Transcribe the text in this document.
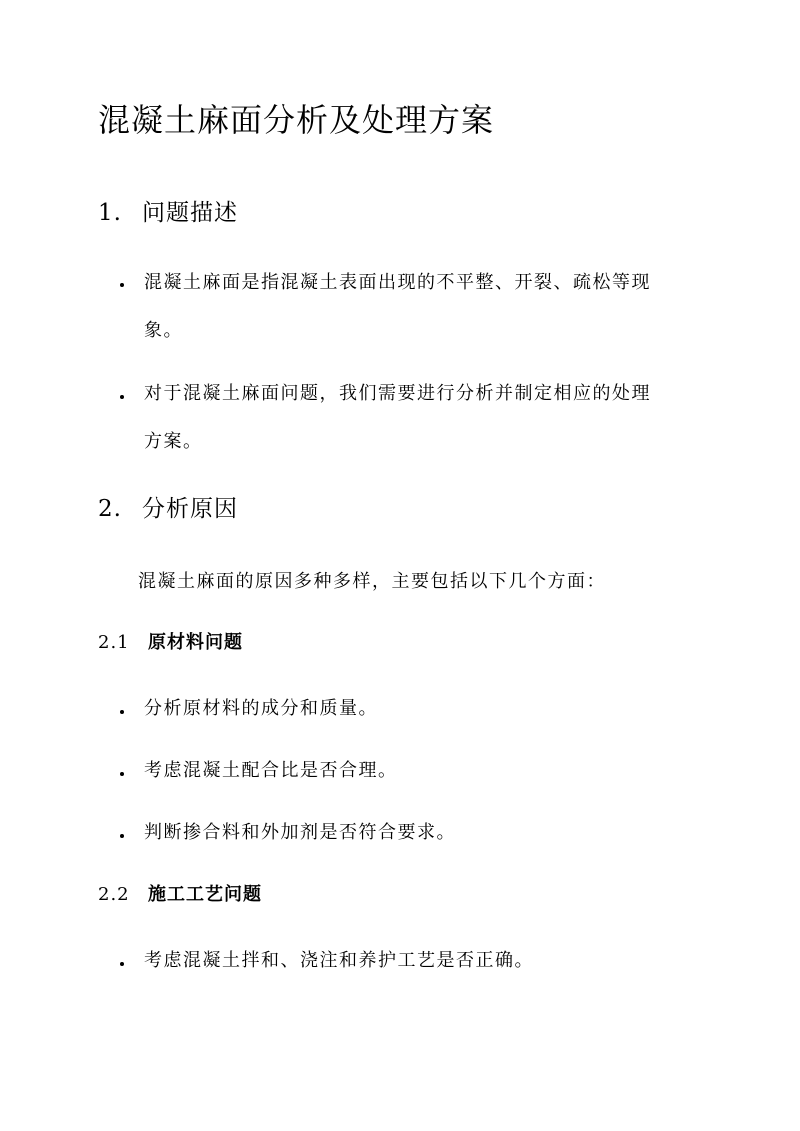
混凝土麻面分析及处理方案
1. 问题描述
混凝土麻面是指混凝土表面出现的不平整、开裂、疏松等现
象。
对于混凝土麻面问题，我们需要进行分析并制定相应的处理
方案。
2. 分析原因
混凝土麻面的原因多种多样，主要包括以下几个方面：
2.1 原材料问题
分析原材料的成分和质量。
考虑混凝土配合比是否合理。
判断掺合料和外加剂是否符合要求。
2.2 施工工艺问题
考虑混凝土拌和、浇注和养护工艺是否正确。
